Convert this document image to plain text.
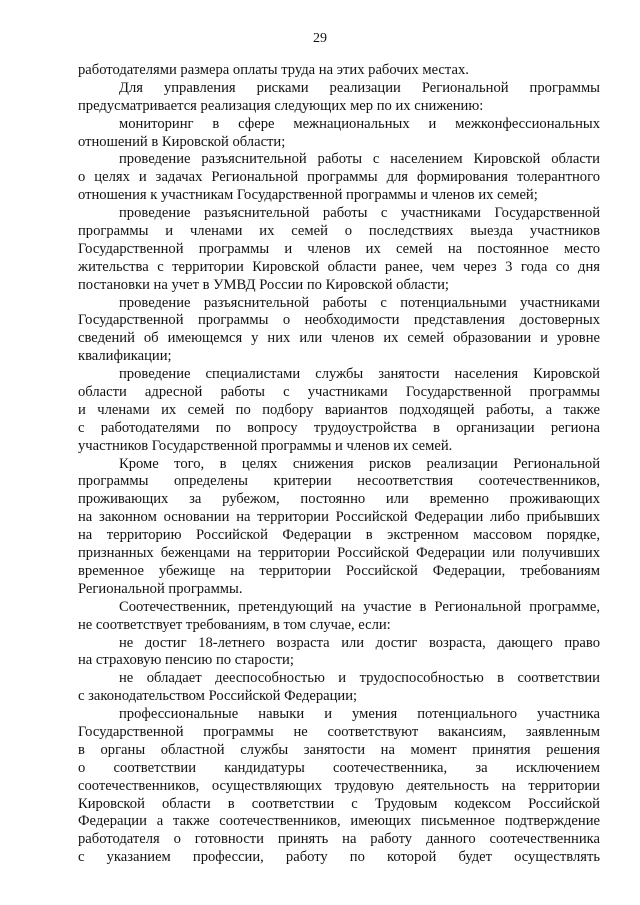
29
работодателями размера оплаты труда на этих рабочих местах.
Для управления рисками реализации Региональной программы
предусматривается реализация следующих мер по их снижению:
мониторинг в сфере межнациональных и межконфессиональных
отношений в Кировской области;
проведение разъяснительной работы с населением Кировской области
о целях и задачах Региональной программы для формирования толерантного
отношения к участникам Государственной программы и членов их семей;
проведение разъяснительной работы с участниками Государственной
программы и членами их семей о последствиях выезда участников
Государственной программы и членов их семей на постоянное место
жительства с территории Кировской области ранее, чем через 3 года со дня
постановки на учет в УМВД России по Кировской области;
проведение разъяснительной работы с потенциальными участниками
Государственной программы о необходимости представления достоверных
сведений об имеющемся у них или членов их семей образовании и уровне
квалификации;
проведение специалистами службы занятости населения Кировской
области адресной работы с участниками Государственной программы
и членами их семей по подбору вариантов подходящей работы, а также
с работодателями по вопросу трудоустройства в организации региона
участников Государственной программы и членов их семей.
Кроме того, в целях снижения рисков реализации Региональной
программы определены критерии несоответствия соотечественников,
проживающих за рубежом, постоянно или временно проживающих
на законном основании на территории Российской Федерации либо прибывших
на территорию Российской Федерации в экстренном массовом порядке,
признанных беженцами на территории Российской Федерации или получивших
временное убежище на территории Российской Федерации, требованиям
Региональной программы.
Соотечественник, претендующий на участие в Региональной программе,
не соответствует требованиям, в том случае, если:
не достиг 18-летнего возраста или достиг возраста, дающего право
на страховую пенсию по старости;
не обладает дееспособностью и трудоспособностью в соответствии
с законодательством Российской Федерации;
профессиональные навыки и умения потенциального участника
Государственной программы не соответствуют вакансиям, заявленным
в органы областной службы занятости на момент принятия решения
о соответствии кандидатуры соотечественника, за исключением
соотечественников, осуществляющих трудовую деятельность на территории
Кировской области в соответствии с Трудовым кодексом Российской
Федерации а также соотечественников, имеющих письменное подтверждение
работодателя о готовности принять на работу данного соотечественника
с указанием профессии, работу по которой будет осуществлять
